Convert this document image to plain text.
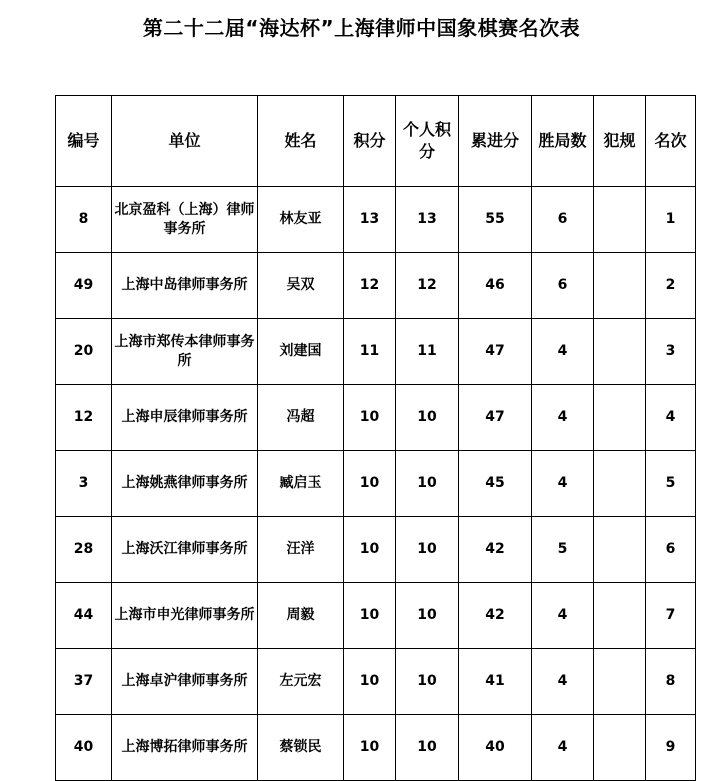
第二十二届“海达杯”上海律师中国象棋赛名次表
编号	单位	姓名	积分	个人积分	累进分	胜局数	犯规	名次
8	北京盈科（上海）律师事务所	林友亚	13	13	55	6		1
49	上海中岛律师事务所	吴双	12	12	46	6		2
20	上海市郑传本律师事务所	刘建国	11	11	47	4		3
12	上海申辰律师事务所	冯超	10	10	47	4		4
3	上海姚燕律师事务所	臧启玉	10	10	45	4		5
28	上海沃江律师事务所	汪洋	10	10	42	5		6
44	上海市申光律师事务所	周毅	10	10	42	4		7
37	上海卓沪律师事务所	左元宏	10	10	41	4		8
40	上海博拓律师事务所	蔡锁民	10	10	40	4		9
